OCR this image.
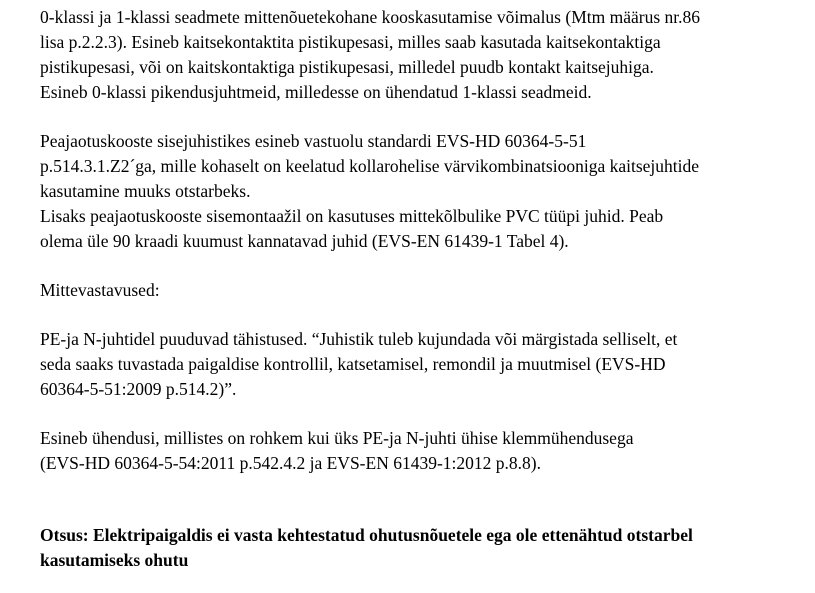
0-klassi ja 1-klassi seadmete mittenõuetekohane kooskasutamise võimalus (Mtm määrus nr.86
lisa p.2.2.3). Esineb kaitsekontaktita pistikupesasi, milles saab kasutada kaitsekontaktiga
pistikupesasi, või on kaitskontaktiga pistikupesasi, milledel puudb kontakt kaitsejuhiga.
Esineb 0-klassi pikendusjuhtmeid, milledesse on ühendatud 1-klassi seadmeid.

Peajaotuskooste sisejuhistikes esineb vastuolu standardi EVS-HD 60364-5-51
p.514.3.1.Z2´ga, mille kohaselt on keelatud kollarohelise värvikombinatsiooniga kaitsejuhtide
kasutamine muuks otstarbeks.

Lisaks peajaotuskooste sisemontaažil on kasutuses mittekõlbulike PVC tüüpi juhid. Peab
olema üle 90 kraadi kuumust kannatavad juhid (EVS-EN 61439-1 Tabel 4).

Mittevastavused:

PE-ja N-juhtidel puuduvad tähistused. “Juhistik tuleb kujundada või märgistada selliselt, et
seda saaks tuvastada paigaldise kontrollil, katsetamisel, remondil ja muutmisel (EVS-HD
60364-5-51:2009 p.514.2)”.

Esineb ühendusi, millistes on rohkem kui üks PE-ja N-juhti ühise klemmühendusega
(EVS-HD 60364-5-54:2011 p.542.4.2 ja EVS-EN 61439-1:2012 p.8.8).

Otsus: Elektripaigaldis ei vasta kehtestatud ohutusnõuetele ega ole ettenähtud otstarbel
kasutamiseks ohutu
